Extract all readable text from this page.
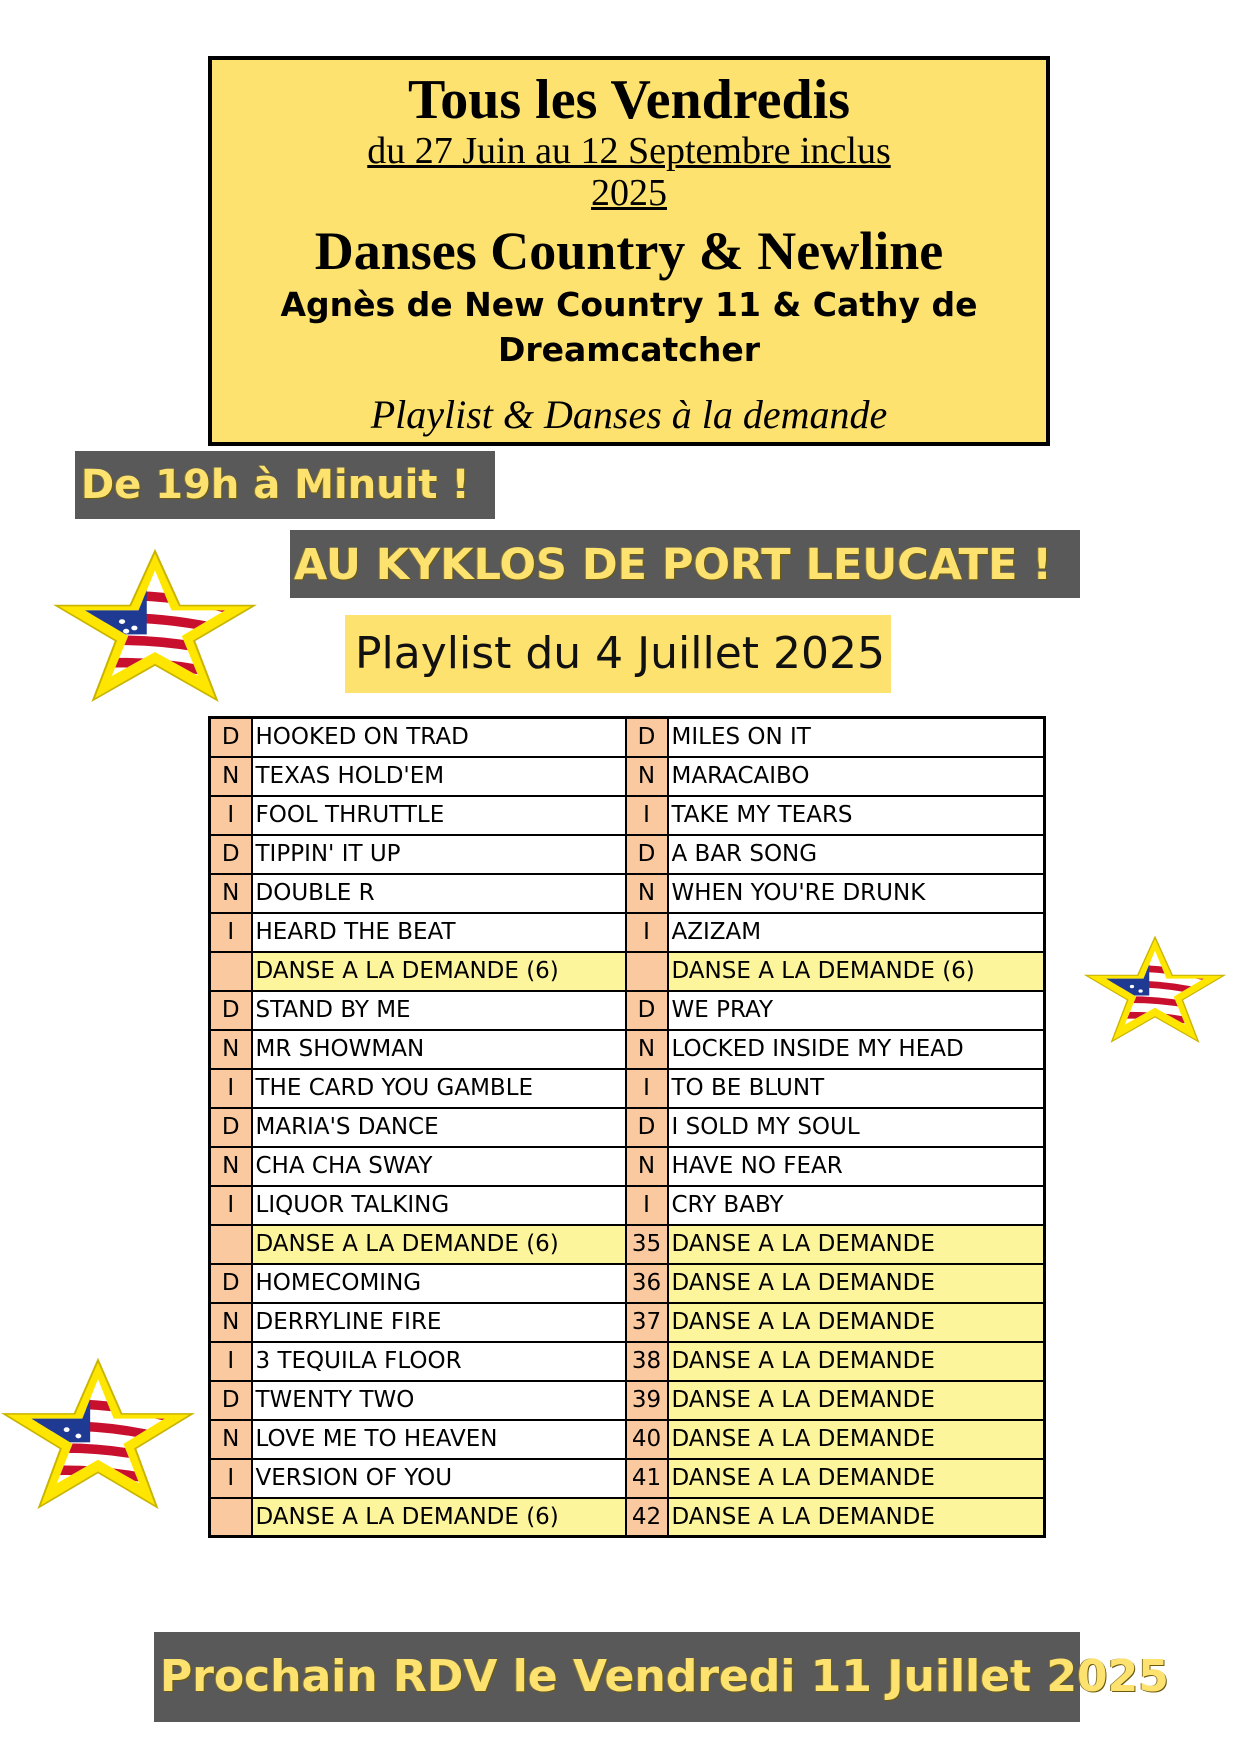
Tous les Vendredis
du 27 Juin au 12 Septembre inclus
2025
Danses Country & Newline
Agnès de New Country 11 & Cathy de Dreamcatcher
Playlist & Danses à la demande
De 19h à Minuit !
AU KYKLOS DE PORT LEUCATE !
Playlist du 4 Juillet 2025
D	HOOKED ON TRAD	D	MILES ON IT
N	TEXAS HOLD'EM	N	MARACAIBO
I	FOOL THRUTTLE	I	TAKE MY TEARS
D	TIPPIN' IT UP	D	A BAR SONG
N	DOUBLE R	N	WHEN YOU'RE DRUNK
I	HEARD THE BEAT	I	AZIZAM
	DANSE A LA DEMANDE (6)		DANSE A LA DEMANDE (6)
D	STAND BY ME	D	WE PRAY
N	MR SHOWMAN	N	LOCKED INSIDE MY HEAD
I	THE CARD YOU GAMBLE	I	TO BE BLUNT
D	MARIA'S DANCE	D	I SOLD MY SOUL
N	CHA CHA SWAY	N	HAVE NO FEAR
I	LIQUOR TALKING	I	CRY BABY
	DANSE A LA DEMANDE (6)	35	DANSE A LA DEMANDE
D	HOMECOMING	36	DANSE A LA DEMANDE
N	DERRYLINE FIRE	37	DANSE A LA DEMANDE
I	3 TEQUILA FLOOR	38	DANSE A LA DEMANDE
D	TWENTY TWO	39	DANSE A LA DEMANDE
N	LOVE ME TO HEAVEN	40	DANSE A LA DEMANDE
I	VERSION OF YOU	41	DANSE A LA DEMANDE
	DANSE A LA DEMANDE (6)	42	DANSE A LA DEMANDE
Prochain RDV le Vendredi 11 Juillet 2025
